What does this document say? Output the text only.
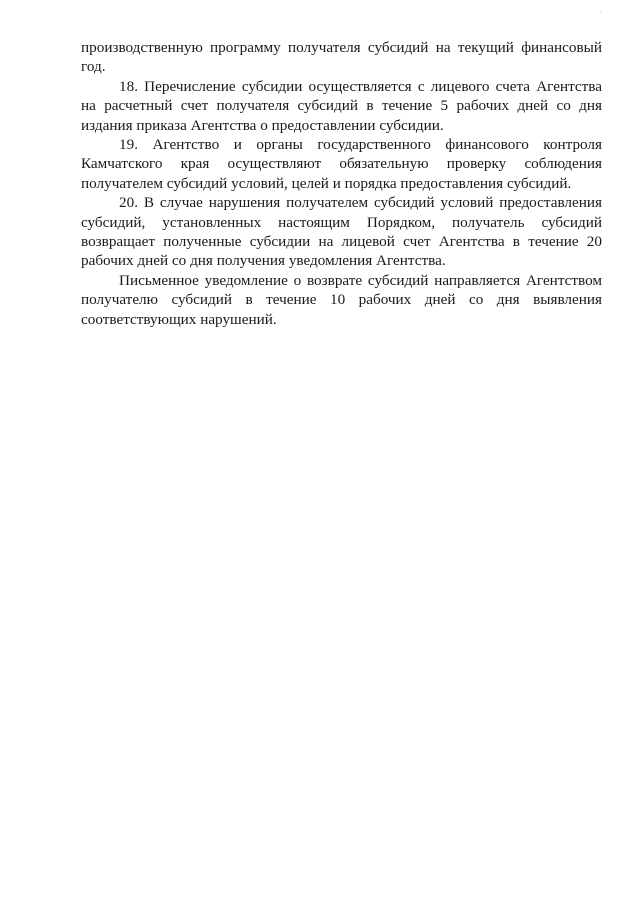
·

производственную программу получателя субсидий на текущий финансовый год.

18. Перечисление субсидии осуществляется с лицевого счета Агентства на расчетный счет получателя субсидий в течение 5 рабочих дней со дня издания приказа Агентства о предоставлении субсидии.

19. Агентство и органы государственного финансового контроля Камчатского края осуществляют обязательную проверку соблюдения получателем субсидий условий, целей и порядка предоставления субсидий.

20. В случае нарушения получателем субсидий условий предоставления субсидий, установленных настоящим Порядком, получатель субсидий возвращает полученные субсидии на лицевой счет Агентства в течение 20 рабочих дней со дня получения уведомления Агентства.

Письменное уведомление о возврате субсидий направляется Агентством получателю субсидий в течение 10 рабочих дней со дня выявления соответствующих нарушений.
